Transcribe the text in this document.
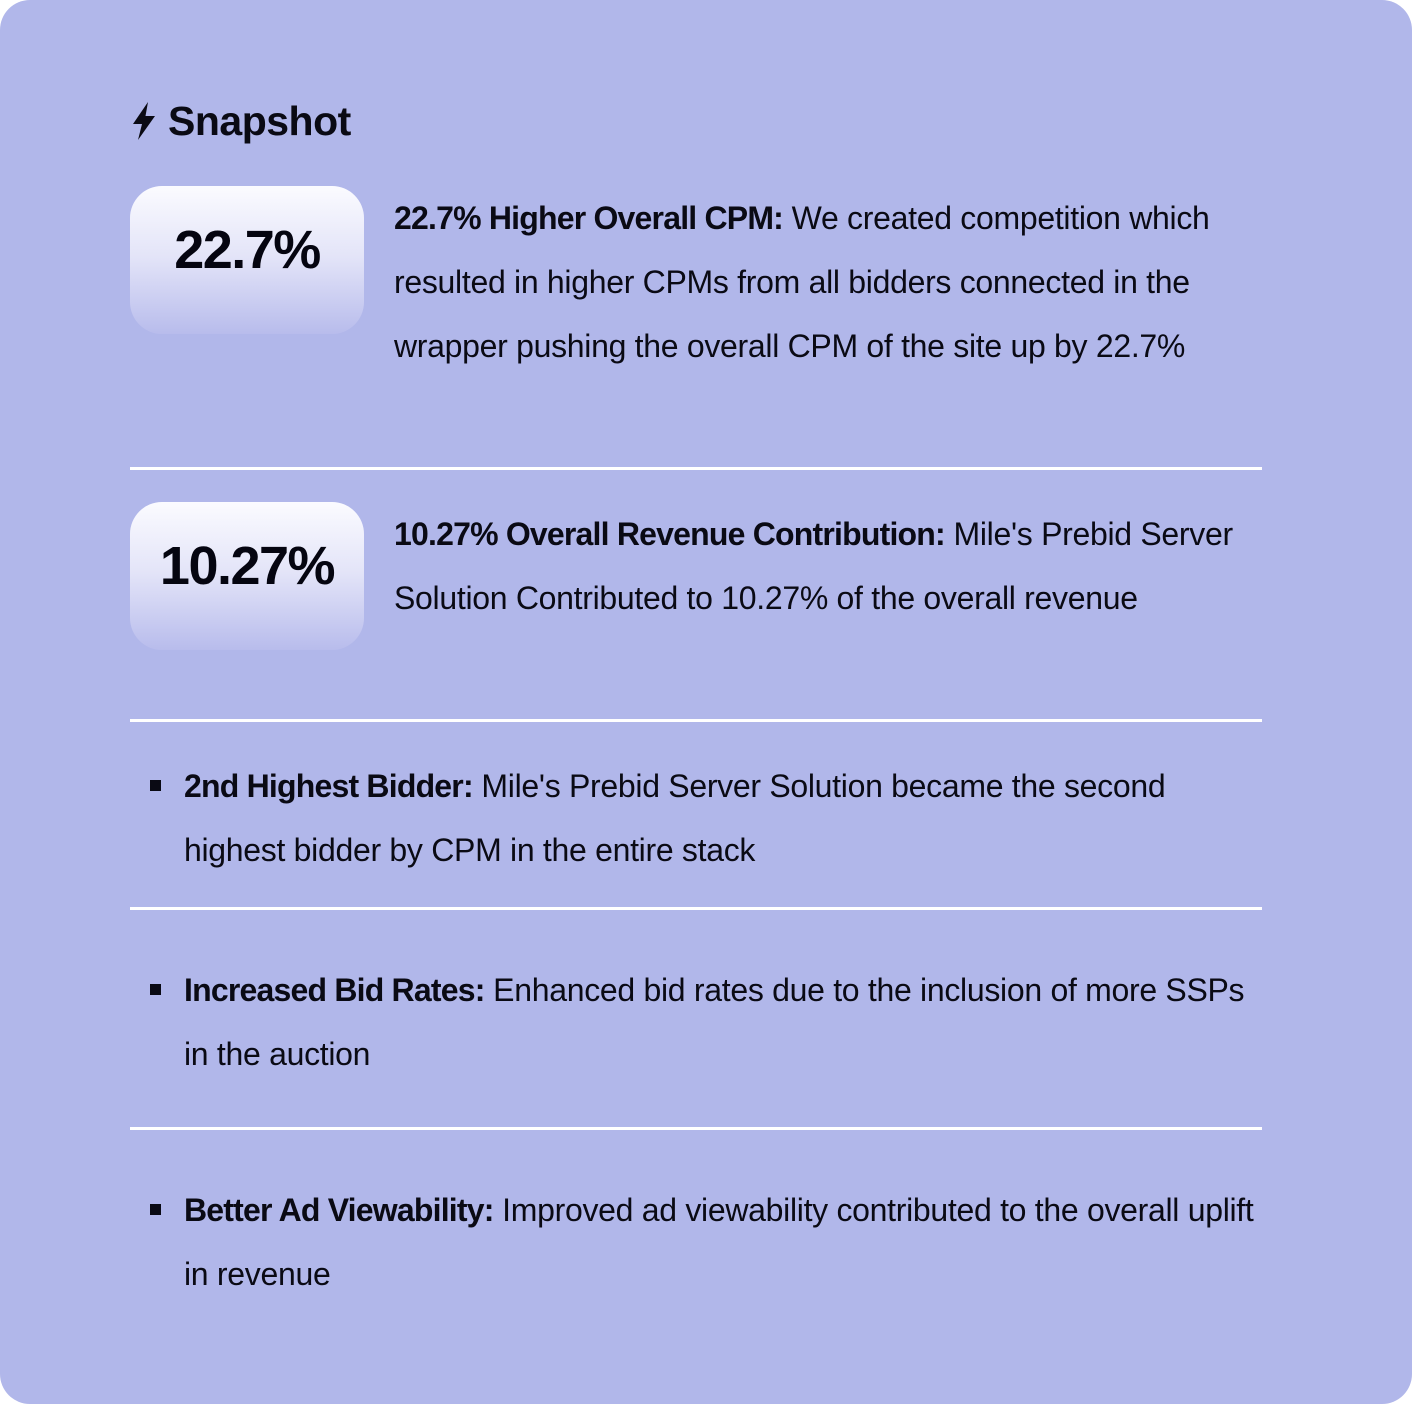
Snapshot
22.7%
22.7% Higher Overall CPM: We created competition which resulted in higher CPMs from all bidders connected in the wrapper pushing the overall CPM of the site up by 22.7%
10.27%
10.27% Overall Revenue Contribution: Mile's Prebid Server Solution Contributed to 10.27% of the overall revenue
2nd Highest Bidder: Mile's Prebid Server Solution became the second highest bidder by CPM in the entire stack
Increased Bid Rates: Enhanced bid rates due to the inclusion of more SSPs in the auction
Better Ad Viewability: Improved ad viewability contributed to the overall uplift in revenue
